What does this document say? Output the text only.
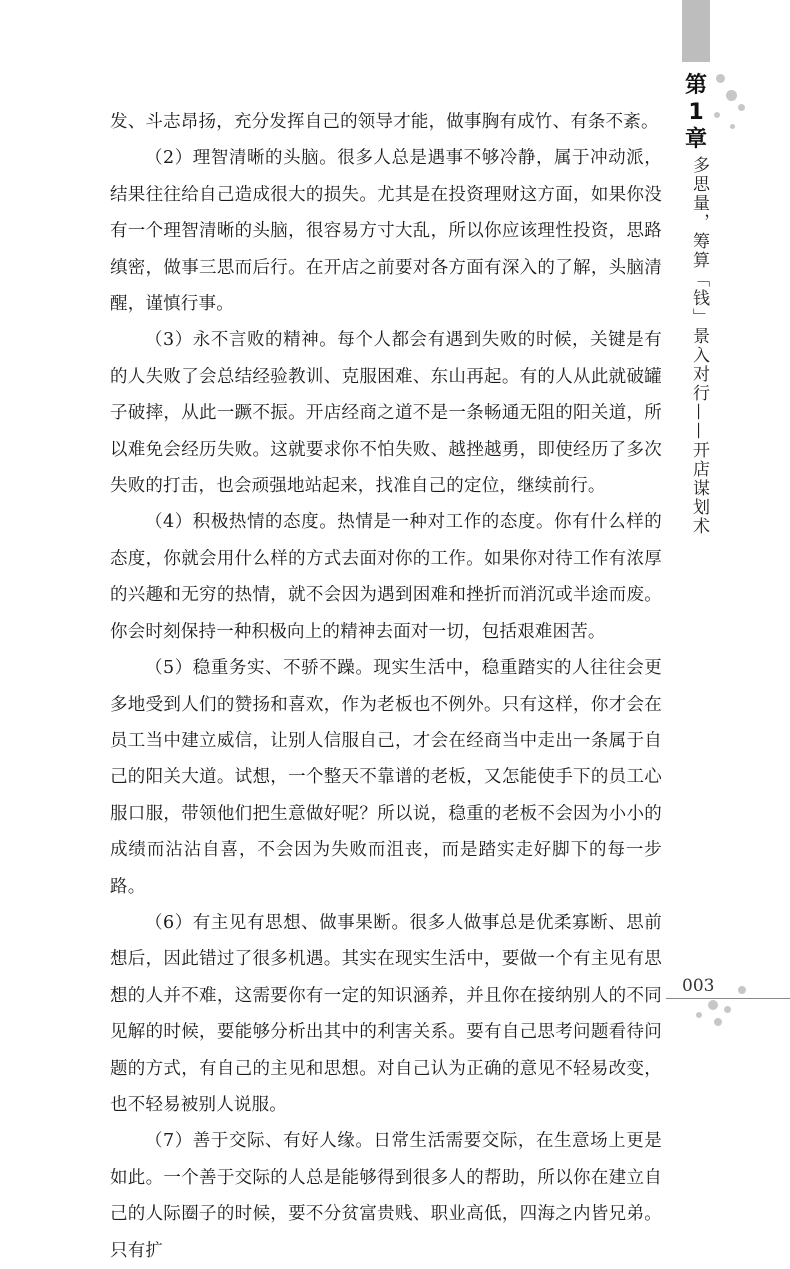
第
1
章
多思量，筹算「钱」景入对行——开店谋划术

发、斗志昂扬，充分发挥自己的领导才能，做事胸有成竹、有条不紊。

（2）理智清晰的头脑。很多人总是遇事不够冷静，属于冲动派，结果往往给自己造成很大的损失。尤其是在投资理财这方面，如果你没有一个理智清晰的头脑，很容易方寸大乱，所以你应该理性投资，思路缜密，做事三思而后行。在开店之前要对各方面有深入的了解，头脑清醒，谨慎行事。

（3）永不言败的精神。每个人都会有遇到失败的时候，关键是有的人失败了会总结经验教训、克服困难、东山再起。有的人从此就破罐子破摔，从此一蹶不振。开店经商之道不是一条畅通无阻的阳关道，所以难免会经历失败。这就要求你不怕失败、越挫越勇，即使经历了多次失败的打击，也会顽强地站起来，找准自己的定位，继续前行。

（4）积极热情的态度。热情是一种对工作的态度。你有什么样的态度，你就会用什么样的方式去面对你的工作。如果你对待工作有浓厚的兴趣和无穷的热情，就不会因为遇到困难和挫折而消沉或半途而废。你会时刻保持一种积极向上的精神去面对一切，包括艰难困苦。

（5）稳重务实、不骄不躁。现实生活中，稳重踏实的人往往会更多地受到人们的赞扬和喜欢，作为老板也不例外。只有这样，你才会在员工当中建立威信，让别人信服自己，才会在经商当中走出一条属于自己的阳关大道。试想，一个整天不靠谱的老板，又怎能使手下的员工心服口服，带领他们把生意做好呢？所以说，稳重的老板不会因为小小的成绩而沾沾自喜，不会因为失败而沮丧，而是踏实走好脚下的每一步路。

（6）有主见有思想、做事果断。很多人做事总是优柔寡断、思前想后，因此错过了很多机遇。其实在现实生活中，要做一个有主见有思想的人并不难，这需要你有一定的知识涵养，并且你在接纳别人的不同见解的时候，要能够分析出其中的利害关系。要有自己思考问题看待问题的方式，有自己的主见和思想。对自己认为正确的意见不轻易改变，也不轻易被别人说服。

（7）善于交际、有好人缘。日常生活需要交际，在生意场上更是如此。一个善于交际的人总是能够得到很多人的帮助，所以你在建立自己的人际圈子的时候，要不分贫富贵贱、职业高低，四海之内皆兄弟。只有扩

003
